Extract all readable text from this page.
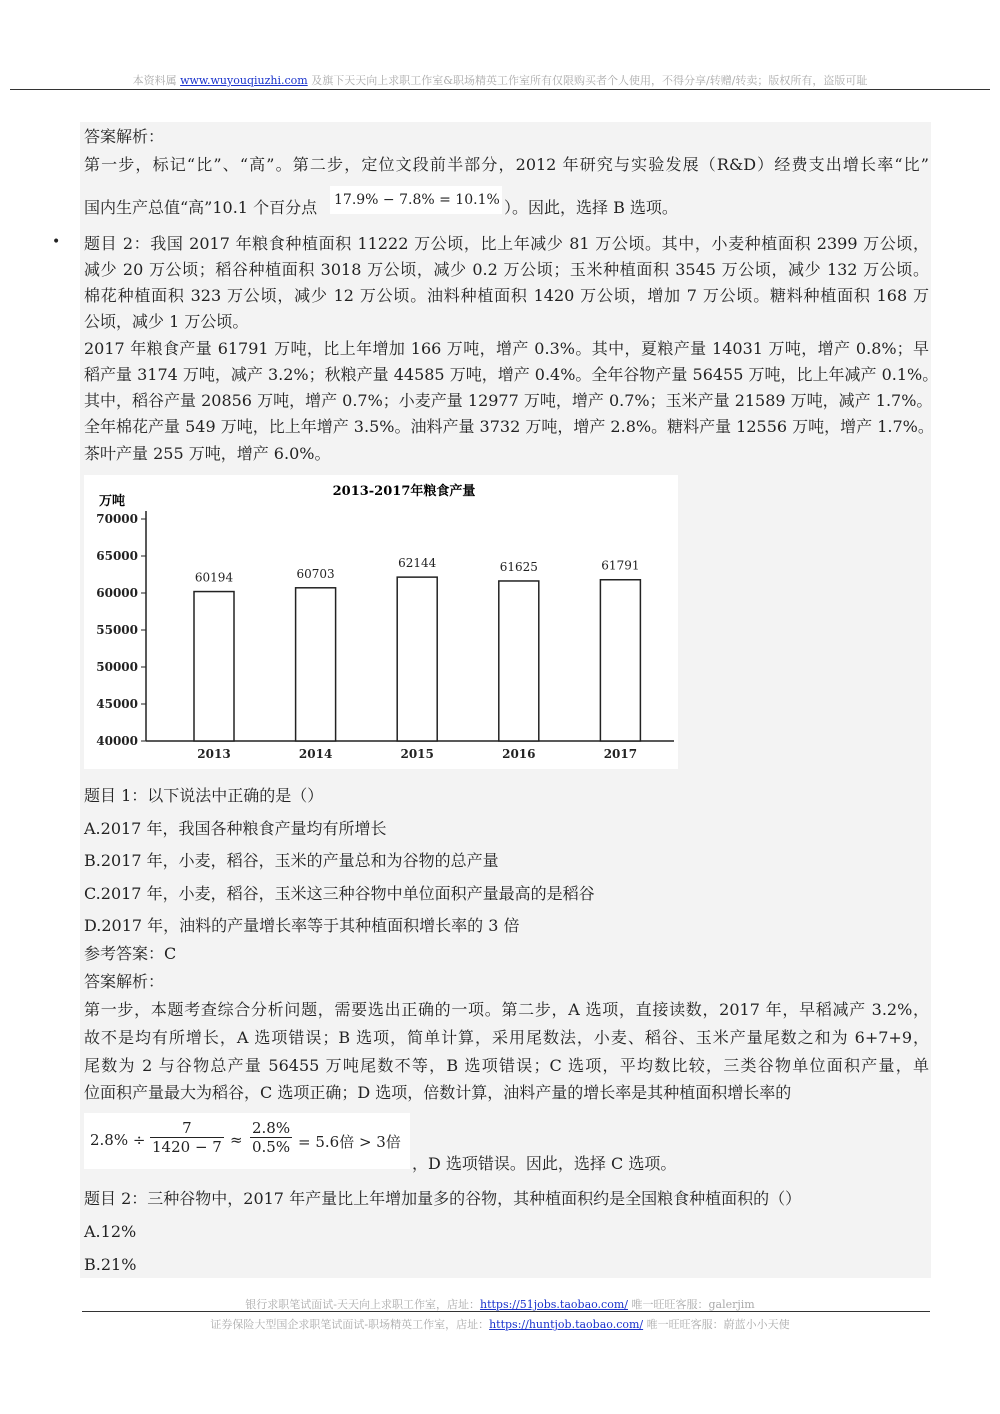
本资料属 www.wuyouqiuzhi.com 及旗下天天向上求职工作室&职场精英工作室所有仅限购买者个人使用，不得分享/转赠/转卖；版权所有，盗版可耻
答案解析：
第一步，标记“比”、“高”。第二步，定位文段前半部分，2012 年研究与实验发展（R&D）经费支出增长率“比”
国内生产总值“高”10.1 个百分点 17.9% − 7.8% = 10.1% ）。因此，选择 B 选项。
• 题目 2：我国 2017 年粮食种植面积 11222 万公顷，比上年减少 81 万公顷。其中，小麦种植面积 2399 万公顷，
减少 20 万公顷；稻谷种植面积 3018 万公顷，减少 0.2 万公顷；玉米种植面积 3545 万公顷，减少 132 万公顷。
棉花种植面积 323 万公顷，减少 12 万公顷。油料种植面积 1420 万公顷，增加 7 万公顷。糖料种植面积 168 万
公顷，减少 1 万公顷。
2017 年粮食产量 61791 万吨，比上年增加 166 万吨，增产 0.3%。其中，夏粮产量 14031 万吨，增产 0.8%；早
稻产量 3174 万吨，减产 3.2%；秋粮产量 44585 万吨，增产 0.4%。全年谷物产量 56455 万吨，比上年减产 0.1%。
其中，稻谷产量 20856 万吨，增产 0.7%；小麦产量 12977 万吨，增产 0.7%；玉米产量 21589 万吨，减产 1.7%。
全年棉花产量 549 万吨，比上年增产 3.5%。油料产量 3732 万吨，增产 2.8%。糖料产量 12556 万吨，增产 1.7%。
茶叶产量 255 万吨，增产 6.0%。
2013-2017年粮食产量
万吨
40000
45000
50000
55000
60000
65000
70000
60194
2013
60703
2014
62144
2015
61625
2016
61791
2017
题目 1：以下说法中正确的是（）
A.2017 年，我国各种粮食产量均有所增长
B.2017 年，小麦，稻谷，玉米的产量总和为谷物的总产量
C.2017 年，小麦，稻谷，玉米这三种谷物中单位面积产量最高的是稻谷
D.2017 年，油料的产量增长率等于其种植面积增长率的 3 倍
参考答案：C
答案解析：
第一步，本题考查综合分析问题，需要选出正确的一项。第二步，A 选项，直接读数，2017 年，早稻减产 3.2%，
故不是均有所增长，A 选项错误；B 选项，简单计算，采用尾数法，小麦、稻谷、玉米产量尾数之和为 6+7+9，
尾数为 2 与谷物总产量 56455 万吨尾数不等，B 选项错误；C 选项，平均数比较，三类谷物单位面积产量，单
位面积产量最大为稻谷，C 选项正确；D 选项，倍数计算，油料产量的增长率是其种植面积增长率的
$2.8\% \div \frac{7}{1420 - 7} \approx \frac{2.8\%}{0.5\%} = 5.6$倍 > 3倍
，D 选项错误。因此，选择 C 选项。
题目 2：三种谷物中，2017 年产量比上年增加量多的谷物，其种植面积约是全国粮食种植面积的（）
A.12%
B.21%
银行求职笔试面试-天天向上求职工作室，店址：https://51jobs.taobao.com/ 唯一旺旺客服：galerjim
证券保险大型国企求职笔试面试-职场精英工作室，店址：https://huntjob.taobao.com/ 唯一旺旺客服：蔚蓝小小天使
